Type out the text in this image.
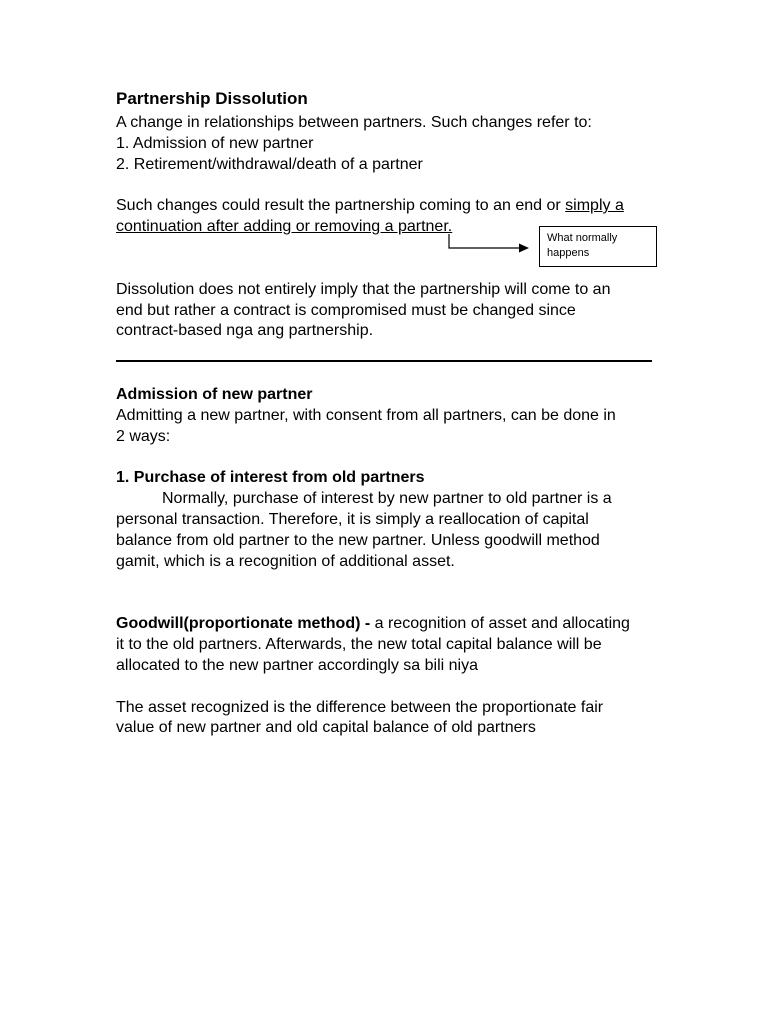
Partnership Dissolution

A change in relationships between partners. Such changes refer to:

1. Admission of new partner

2. Retirement/withdrawal/death of a partner

Such changes could result the partnership coming to an end or simply a

continuation after adding or removing a partner.

What normally
happens

Dissolution does not entirely imply that the partnership will come to an

end but rather a contract is compromised must be changed since

contract-based nga ang partnership.

Admission of new partner

Admitting a new partner, with consent from all partners, can be done in

2 ways:

1. Purchase of interest from old partners

Normally, purchase of interest by new partner to old partner is a

personal transaction. Therefore, it is simply a reallocation of capital

balance from old partner to the new partner. Unless goodwill method

gamit, which is a recognition of additional asset.

Goodwill(proportionate method) - a recognition of asset and allocating

it to the old partners. Afterwards, the new total capital balance will be

allocated to the new partner accordingly sa bili niya

The asset recognized is the difference between the proportionate fair

value of new partner and old capital balance of old partners
